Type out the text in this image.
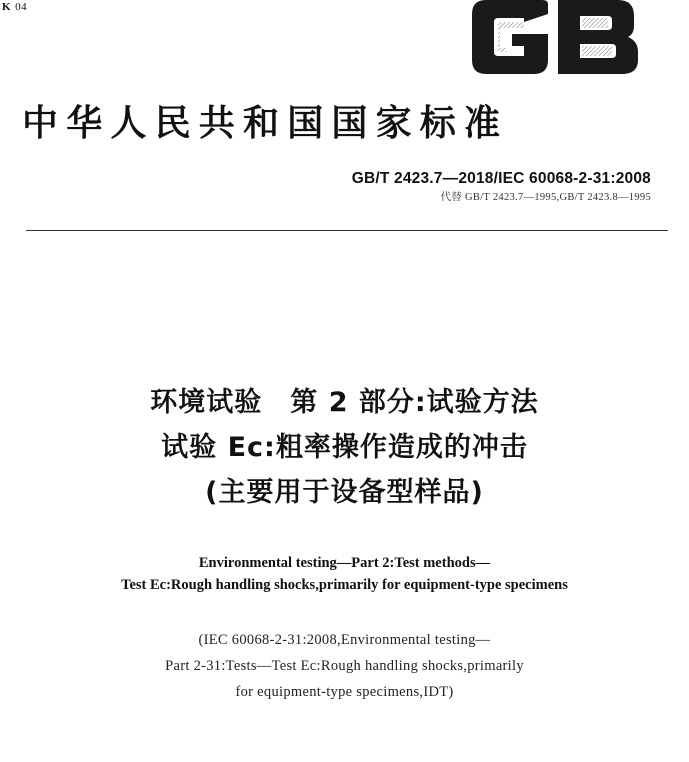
K 04
GB
中华人民共和国国家标准
GB/T 2423.7—2018/IEC 60068-2-31:2008
代替 GB/T 2423.7—1995,GB/T 2423.8—1995
环境试验　第 2 部分:试验方法
试验 Ec:粗率操作造成的冲击
(主要用于设备型样品)
Environmental testing—Part 2:Test methods—
Test Ec:Rough handling shocks,primarily for equipment-type specimens
(IEC 60068-2-31:2008,Environmental testing—
Part 2-31:Tests—Test Ec:Rough handling shocks,primarily
for equipment-type specimens,IDT)
